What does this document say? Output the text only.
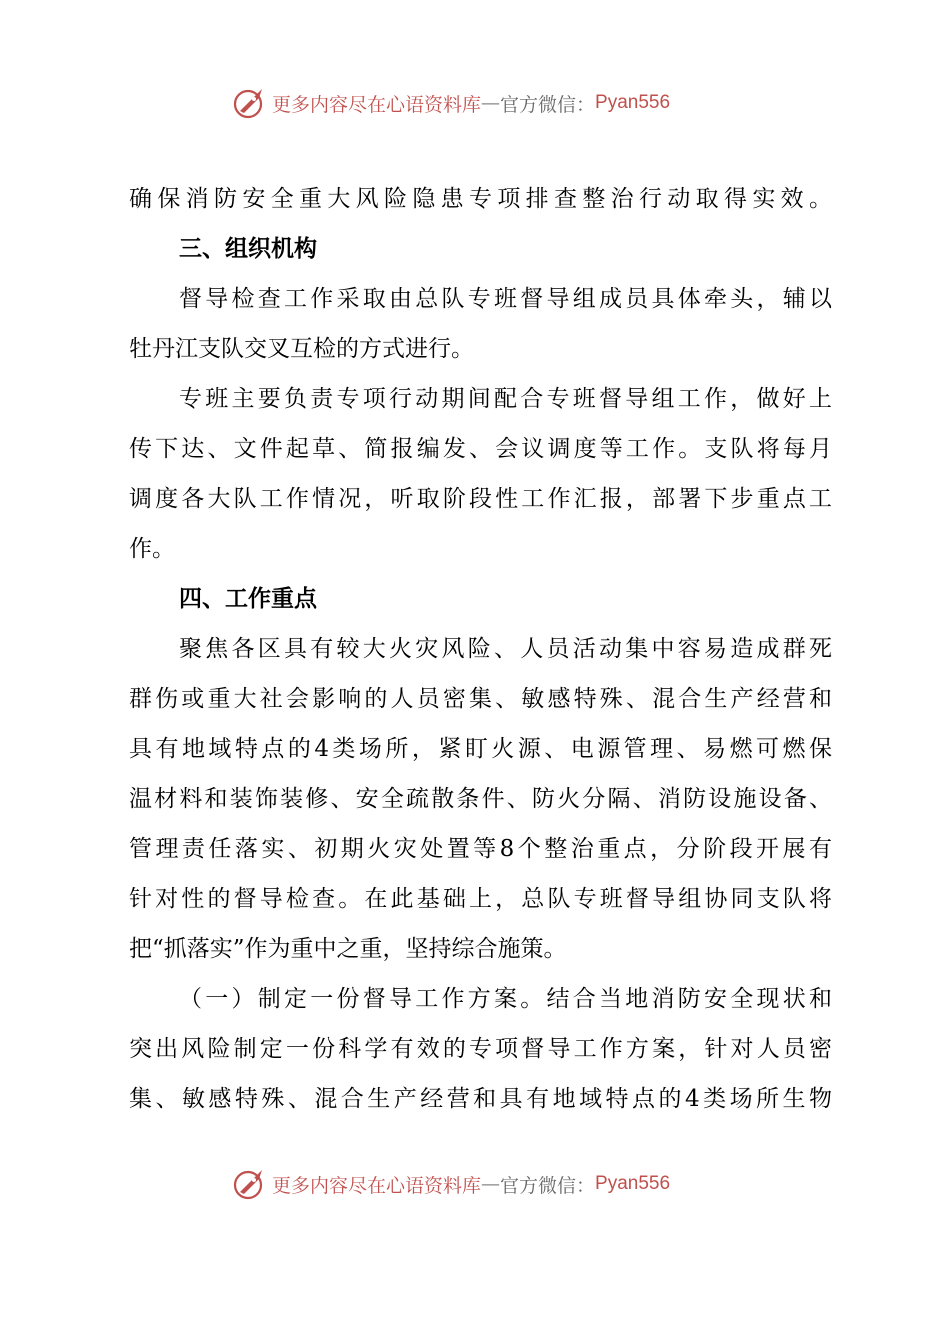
更多内容尽在心语资料库 — 官方微信： Pyan556
确保消防安全重大风险隐患专项排查整治行动取得实效。
三、组织机构
督导检查工作采取由总队专班督导组成员具体牵头，辅以
牡丹江支队交叉互检的方式进行。
专班主要负责专项行动期间配合专班督导组工作，做好上
传下达、文件起草、简报编发、会议调度等工作。支队将每月
调度各大队工作情况，听取阶段性工作汇报，部署下步重点工
作。
四、工作重点
聚焦各区具有较大火灾风险、人员活动集中容易造成群死
群伤或重大社会影响的人员密集、敏感特殊、混合生产经营和
具有地域特点的4类场所，紧盯火源、电源管理、易燃可燃保
温材料和装饰装修、安全疏散条件、防火分隔、消防设施设备、
管理责任落实、初期火灾处置等8个整治重点，分阶段开展有
针对性的督导检查。在此基础上，总队专班督导组协同支队将
把“抓落实”作为重中之重，坚持综合施策。
（一）制定一份督导工作方案。结合当地消防安全现状和
突出风险制定一份科学有效的专项督导工作方案，针对人员密
集、敏感特殊、混合生产经营和具有地域特点的4类场所生物
更多内容尽在心语资料库 — 官方微信： Pyan556
